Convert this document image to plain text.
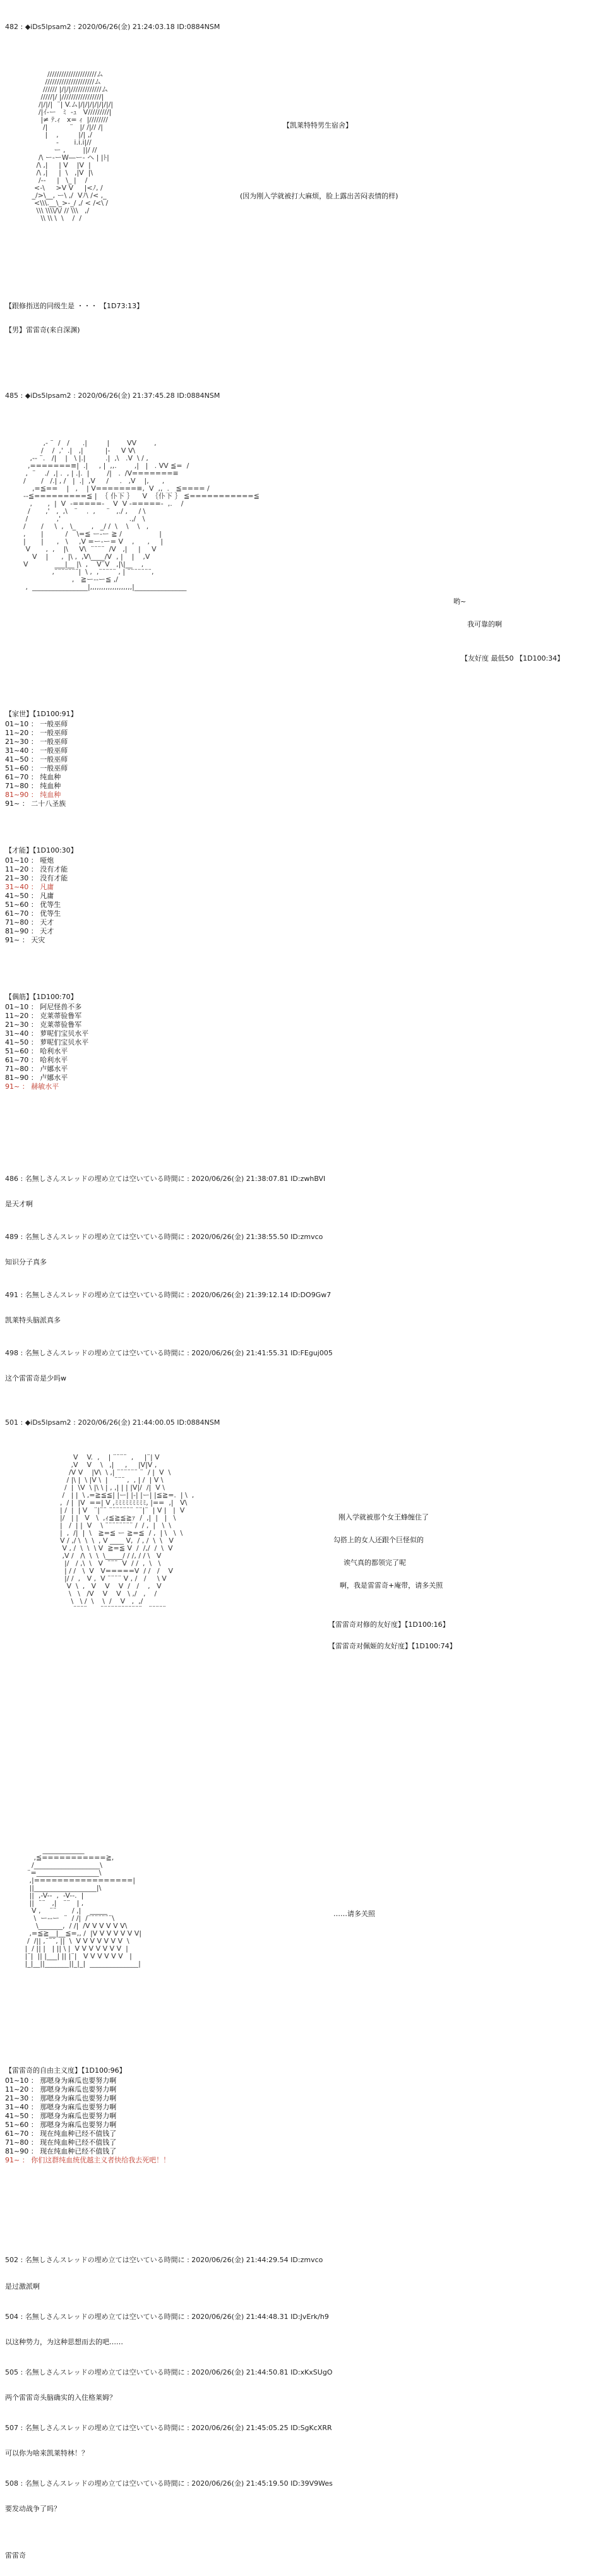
482 : ◆iDs5lpsam2 : 2020/06/26(金) 21:24:03.18 ID:0884NSM
/////////////////////ム
/////////////////////ム
////// |/|/|/////////////ム
/////|/ |/////////////////|
/|/|/|  ¨| V.ム|/|/|/|/|/|/|/|
/|ｲ-ー   ﾐ  -ｭ   V/////////|
|≠ ﾃ.ｨ   x= ｨ  |////////
/|          ¨   |/ /|// /|
|    ,         |/| ,/
-       i.i.i|//
ー ,        ||/ //
/\ ー-ーW―ー- ヘ | |ﾄ|
/\ ,|     | V    |V  |
/\ ,|     |  \   ,|V  |\
/--     |   \_ |    /
<-\     >V V     |<ﾉ, /
_/>\__, ー\ ,/  Vﾉ\ /< ,_
<\\\.__\_>-_/ ,/ < /<\ /
\\\ \\\\/\/ // \\\   ,/
\\ \\ \  \    /  /
【凯莱特特男生宿舍】
(因为刚入学就被打大麻烦，脸上露出苦闷表情的样)
【跟修指送的同级生是 ・・・ 【1D73:13】
【男】雷雷奇(来自深渊)
485 : ◆iDs5lpsam2 : 2020/06/26(金) 21:37:45.28 ID:0884NSM
,- ¨  /   /      .|         |        VV        ,
/    /  ,'  .|   ,|          |-     V V\
,-- ¨.   /|    |   \ |.|         .|  ,\   .V  \ / ,
,=======≡|  .|     , |  ,,.        ,|   |   . VV ≦=  /
,  ¨    ./  ,| .  , | .|.  |        /|   .  /V=======≡
/       /   /.| , /   |  .|  ,V     /     .   ,V    |,      ,
,=≦==    |   ,    | V=======≡,  V  ,,  .   ≦==== /
--≦=========≦ |  ｛ 仆下 ｝    V  ｛仆下 ｝ ≦===========≦
,       ,  |  V  -=====-    V  V -=====-  ,.    /
/       ,'   ,  ,\   ¨    .  ,     ¨   ,./ ,     / \
/             ,'                               .,/   \
/       /     \  ,   \_       ,   _/ /  \    \    \   ,
,       |          /    \=≦ ー-ー ≧ /                 |
|       |      ,   \     ,V =ー-ー= V    ,      ,     |
V       ,  ,    |\     V\  ¨¨¨¨  /V   ,|     |     V
V    |      ,  |\ ,  ,V\____/V  , |    |    ,V
V            ___|__ |\  ,    V¨V   ,|\|__    ,
,¨¨¨¨¨¨¨|  \ ,  ,¨¨¨¨¨ , | ¨¨¨¨¨¨¨,
,   ≧ー--ー≦ ,/
,  ________________|,,,,,,,,,,,,,,,,,,,|_______________
哟~
我可靠的啊
【友好度 最低50 【1D100:34】
【家世】【1D100:91】
01~10 ： 一般巫师
11~20 ： 一般巫师
21~30 ： 一般巫师
31~40 ： 一般巫师
41~50 ： 一般巫师
51~60 ： 一般巫师
61~70 ： 纯血种
71~80 ： 纯血种
81~90 ： 纯血种
91~ ： 二十八圣族
【才能】【1D100:30】
01~10 ： 哑炮
11~20 ： 没有才能
21~30 ： 没有才能
31~40 ： 凡庸
41~50 ： 凡庸
51~60 ： 优等生
61~70 ： 优等生
71~80 ： 天才
81~90 ： 天才
91~ ： 天灾
【偶筋】【1D100:70】
01~10 ： 阿尼怪兽不多
11~20 ： 克莱蒂验鲁军
21~30 ： 克莱蒂验鲁军
31~40 ： 萝呢们宝贝水平
41~50 ： 萝呢们宝贝水平
51~60 ： 哈利水平
61~70 ： 哈利水平
71~80 ： 卢娜水平
81~90 ： 卢娜水平
91~ ： 赫敏水平
486 : 名無しさんスレッドの埋め立ては空いている時間に : 2020/06/26(金) 21:38:07.81 ID:zwhBVI
是天才啊
489 : 名無しさんスレッドの埋め立ては空いている時間に : 2020/06/26(金) 21:38:55.50 ID:zmvco
知识分子真多
491 : 名無しさんスレッドの埋め立ては空いている時間に : 2020/06/26(金) 21:39:12.14 ID:DO9Gw7
凯莱特头脑派真多
498 : 名無しさんスレッドの埋め立ては空いている時間に : 2020/06/26(金) 21:41:55.31 ID:FEguj005
这个雷雷奇是少吗w
501 : ◆iDs5lpsam2 : 2020/06/26(金) 21:44:00.05 ID:0884NSM
V    V.  ,    | ¨¨¨¨  ,     |¨| V
,V    V    \   ,|     ,     |V|V ,
/V V    |V\  \ ,| ¨¨¨¨¨¨ ¨  / |  V  \
/ |\ |  \ |V \  |   ¨¨¨ ,  , | /  | V \
/  |  \V  \ |\ \ | , ,| | | |V|/  /|  V \
/   | |  \ ,=≧≦≦| |ー| |-| |ー| |≦≧=.  | \  ,
,  / |  |V  ==| V ,ﾐﾐﾐﾐﾐﾐﾐﾐﾐ, |==  ,|   V\
| /  |  | V   ¨|¨¨ ¨¨¨¨¨¨¨ ¨¨|¨  | V |   |  V
|/   | |   V   \  ,ｨ≦≧≦≧ｧ  /  ,|  |   |   \
|   /  | |  V    \ ¨¨¨¨¨¨¨¨ /  / ,  |   \  \
|  ,  /|  |  \   ≧=≦ ー ≧=≦  / ,  | \   \  \
V / ,/ \  \  \  , V ____ V,  / , /  \  \   V
V , /  \  \  \ V  ≧=≦ V  /  /,/  /  \  V
,V /   /\  \  \  \_____/ / /, / / \   V
|/   / ,\  \   V  ¨¨¨  V  / /  ,  \   \
| / /   \  V   V=====V  / /   /    V
|/ /  ,   V ,  V ¨¨¨¨ V , /   /     \ V
V  \  ,   V    V    V  /   /    ,   V
\   \   /V    V    V   \ ,/   ,    /
\   \ /  \    \  /    V   ,  ,/
¨¨¨¨      ¨¨¨¨¨¨¨¨¨¨¨¨   ¨¨¨¨¨
刚入学就被那个女王蜂缠住了
勾搭上的女人还跟个巨怪似的
诶气真的都领完了呢
啊，我是雷雷奇+庵带，请多关照
【雷雷奇对修的友好度】【1D100:16】
【雷雷奇对佩姬的友好度】【1D100:74】
____________
,≦===========≧,
/___________________\
¨=__________________\
,|=================|
||__________________|\
||  ,-V--  ,  -V--.  |
||  ¨¨   ,|   ¨¨   | ,
V ,    ¨¨       / ,|    _____
\  ー--ー  ¨  / /|  /¨¨¨¨¨¨¨\
\_______,  / /|  /V V V V V V\
,=≦≧__|__≦=,, /  |V V V V V V V|
/  /|| ,¨¨¨, ||  \  V V V V V V V  \
|  / || |   | || \ |  V V V V V V V  |
|¨|  || |___| || |¨|   V V V V V V   |
|_|__||_______||_|_|  ______________|
……请多关照
【雷雷奇的自由主义度】【1D100:96】
01~10 ： 那嗯身为麻瓜也要努力啊
11~20 ： 那嗯身为麻瓜也要努力啊
21~30 ： 那嗯身为麻瓜也要努力啊
31~40 ： 那嗯身为麻瓜也要努力啊
41~50 ： 那嗯身为麻瓜也要努力啊
51~60 ： 那嗯身为麻瓜也要努力啊
61~70 ： 现在纯血种已经不值钱了
71~80 ： 现在纯血种已经不值钱了
81~90 ： 现在纯血种已经不值钱了
91~ ： 你们这群纯血统优越主义者快给我去死吧！！
502 : 名無しさんスレッドの埋め立ては空いている時間に : 2020/06/26(金) 21:44:29.54 ID:zmvco
是过激派啊
504 : 名無しさんスレッドの埋め立ては空いている時間に : 2020/06/26(金) 21:44:48.31 ID:JvErk/h9
以这种势力，为这种思想而去的吧……
505 : 名無しさんスレッドの埋め立ては空いている時間に : 2020/06/26(金) 21:44:50.81 ID:xKxSUgO
两个雷雷奇头脑确实的入住格莱姆？
507 : 名無しさんスレッドの埋め立ては空いている時間に : 2020/06/26(金) 21:45:05.25 ID:SgKcXRR
可以你为啥来凯莱特林！？
508 : 名無しさんスレッドの埋め立ては空いている時間に : 2020/06/26(金) 21:45:19.50 ID:39V9Wes
要发动战争了吗？
雷雷奇
